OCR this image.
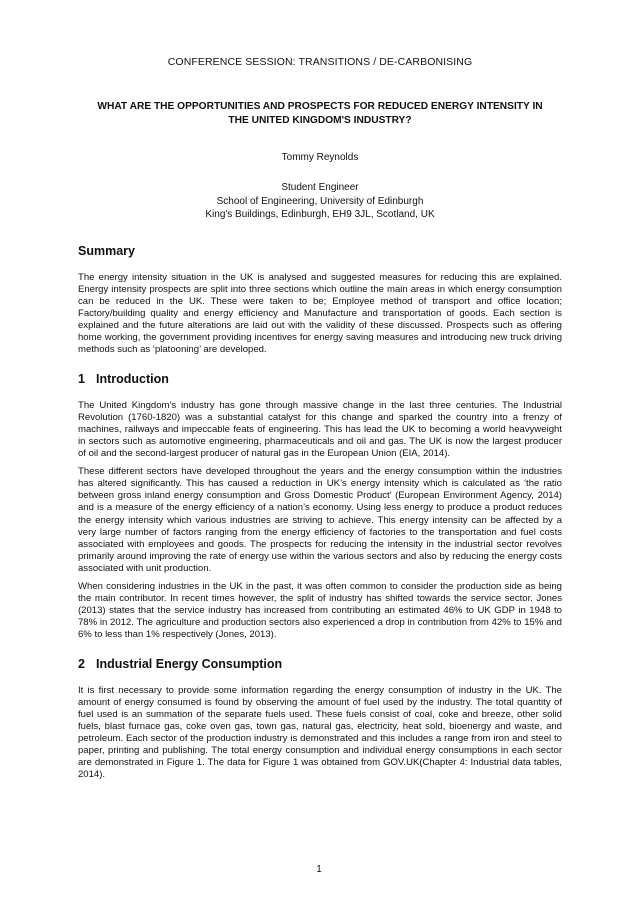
CONFERENCE SESSION: TRANSITIONS / DE-CARBONISING
WHAT ARE THE OPPORTUNITIES AND PROSPECTS FOR REDUCED ENERGY INTENSITY IN
THE UNITED KINGDOM'S INDUSTRY?
Tommy Reynolds
Student Engineer
School of Engineering, University of Edinburgh
King's Buildings, Edinburgh, EH9 3JL, Scotland, UK
Summary

The energy intensity situation in the UK is analysed and suggested measures for reducing this are explained. Energy intensity prospects are split into three sections which outline the main areas in which energy consumption can be reduced in the UK. These were taken to be; Employee method of transport and office location; Factory/building quality and energy efficiency and Manufacture and transportation of goods. Each section is explained and the future alterations are laid out with the validity of these discussed. Prospects such as offering home working, the government providing incentives for energy saving measures and introducing new truck driving methods such as ‘platooning’ are developed.

1 Introduction

The United Kingdom’s industry has gone through massive change in the last three centuries. The Industrial Revolution (1760-1820) was a substantial catalyst for this change and sparked the country into a frenzy of machines, railways and impeccable feats of engineering. This has lead the UK to becoming a world heavyweight in sectors such as automotive engineering, pharmaceuticals and oil and gas. The UK is now the largest producer of oil and the second-largest producer of natural gas in the European Union (EIA, 2014).

These different sectors have developed throughout the years and the energy consumption within the industries has altered significantly. This has caused a reduction in UK’s energy intensity which is calculated as ‘the ratio between gross inland energy consumption and Gross Domestic Product’ (European Environment Agency, 2014) and is a measure of the energy efficiency of a nation’s economy. Using less energy to produce a product reduces the energy intensity which various industries are striving to achieve. This energy intensity can be affected by a very large number of factors ranging from the energy efficiency of factories to the transportation and fuel costs associated with employees and goods. The prospects for reducing the intensity in the industrial sector revolves primarily around improving the rate of energy use within the various sectors and also by reducing the energy costs associated with unit production.

When considering industries in the UK in the past, it was often common to consider the production side as being the main contributor. In recent times however, the split of industry has shifted towards the service sector. Jones (2013) states that the service industry has increased from contributing an estimated 46% to UK GDP in 1948 to 78% in 2012. The agriculture and production sectors also experienced a drop in contribution from 42% to 15% and 6% to less than 1% respectively (Jones, 2013).

2 Industrial Energy Consumption

It is first necessary to provide some information regarding the energy consumption of industry in the UK. The amount of energy consumed is found by observing the amount of fuel used by the industry. The total quantity of fuel used is an summation of the separate fuels used. These fuels consist of coal, coke and breeze, other solid fuels, blast furnace gas, coke oven gas, town gas, natural gas, electricity, heat sold, bioenergy and waste, and petroleum. Each sector of the production industry is demonstrated and this includes a range from iron and steel to paper, printing and publishing. The total energy consumption and individual energy consumptions in each sector are demonstrated in Figure 1. The data for Figure 1 was obtained from GOV.UK(Chapter 4: Industrial data tables, 2014).

1
